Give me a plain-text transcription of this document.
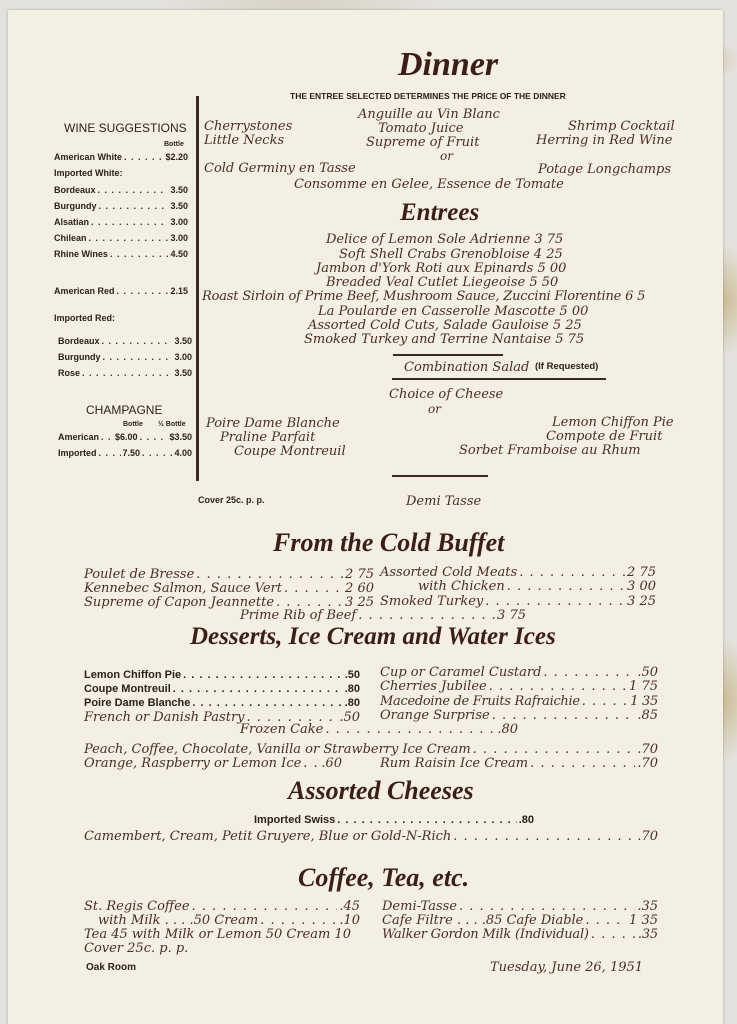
Dinner
THE ENTREE SELECTED DETERMINES THE PRICE OF THE DINNER
WINE SUGGESTIONS
Bottle
American White . . .	$2.20
Imported White:
Bordeaux . . .	3.50
Burgundy . . .	3.50
Alsatian . . .	3.00
Chilean . . .	3.00
Rhine Wines . . .	4.50
American Red . . .	2.15
Imported Red:
Bordeaux . . .	3.50
Burgundy . . .	3.00
Rose . . .	3.50
CHAMPAGNE
Bottle ½ Bottle
American . . . $6.00 . . .	$3.50
Imported . . .	7.50 . . .	4.00
Cover 25c. p. p.
Anguille au Vin Blanc
Cherrystones	Tomato Juice	Shrimp Cocktail
Little Necks	Supreme of Fruit	Herring in Red Wine
or
Cold Germiny en Tasse	Potage Longchamps
Consomme en Gelee, Essence de Tomate
Entrees
Delice of Lemon Sole Adrienne 3 75
Soft Shell Crabs Grenobloise 4 25
Jambon d'York Roti aux Epinards 5 00
Breaded Veal Cutlet Liegeoise 5 50
Roast Sirloin of Prime Beef, Mushroom Sauce, Zuccini Florentine 6 5
La Poularde en Casserolle Mascotte 5 00
Assorted Cold Cuts, Salade Gauloise 5 25
Smoked Turkey and Terrine Nantaise 5 75
Combination Salad (If Requested)
Choice of Cheese
or
Poire Dame Blanche
Praline Parfait
Coupe Montreuil
Lemon Chiffon Pie
Compote de Fruit
Sorbet Framboise au Rhum
Demi Tasse
From the Cold Buffet
Poulet de Bresse . . .	2 75
Kennebec Salmon, Sauce Vert . . .	2 60
Supreme of Capon Jeannette . . .	3 25
Assorted Cold Meats . . .	2 75
with Chicken . . .	3 00
Smoked Turkey . . .	3 25
Prime Rib of Beef . . .	3 75
Desserts, Ice Cream and Water Ices
Lemon Chiffon Pie . . .	.50
Coupe Montreuil . . .	.80
Poire Dame Blanche . . .	.80
French or Danish Pastry . . .	.50
Cup or Caramel Custard . . .	.50
Cherries Jubilee . . .	1 75
Macedoine de Fruits Rafraichie . . .	1 35
Orange Surprise . . .	.85
Frozen Cake . . .	.80
Peach, Coffee, Chocolate, Vanilla or Strawberry Ice Cream . . .	.70
Orange, Raspberry or Lemon Ice . . . .60	Rum Raisin Ice Cream . . .	.70
Assorted Cheeses
Imported Swiss . . .	.80
Camembert, Cream, Petit Gruyere, Blue or Gold-N-Rich . . .	.70
Coffee, Tea, etc.
St. Regis Coffee . . .	.45
with Milk . . . .50 Cream . . .	.10
Tea 45 with Milk or Lemon 50 Cream 10
Cover 25c. p. p.
Demi-Tasse . . .	.35
Cafe Filtre . . . .85 Cafe Diable . . .	1 35
Walker Gordon Milk (Individual) . . .	.35
Oak Room	Tuesday, June 26, 1951
